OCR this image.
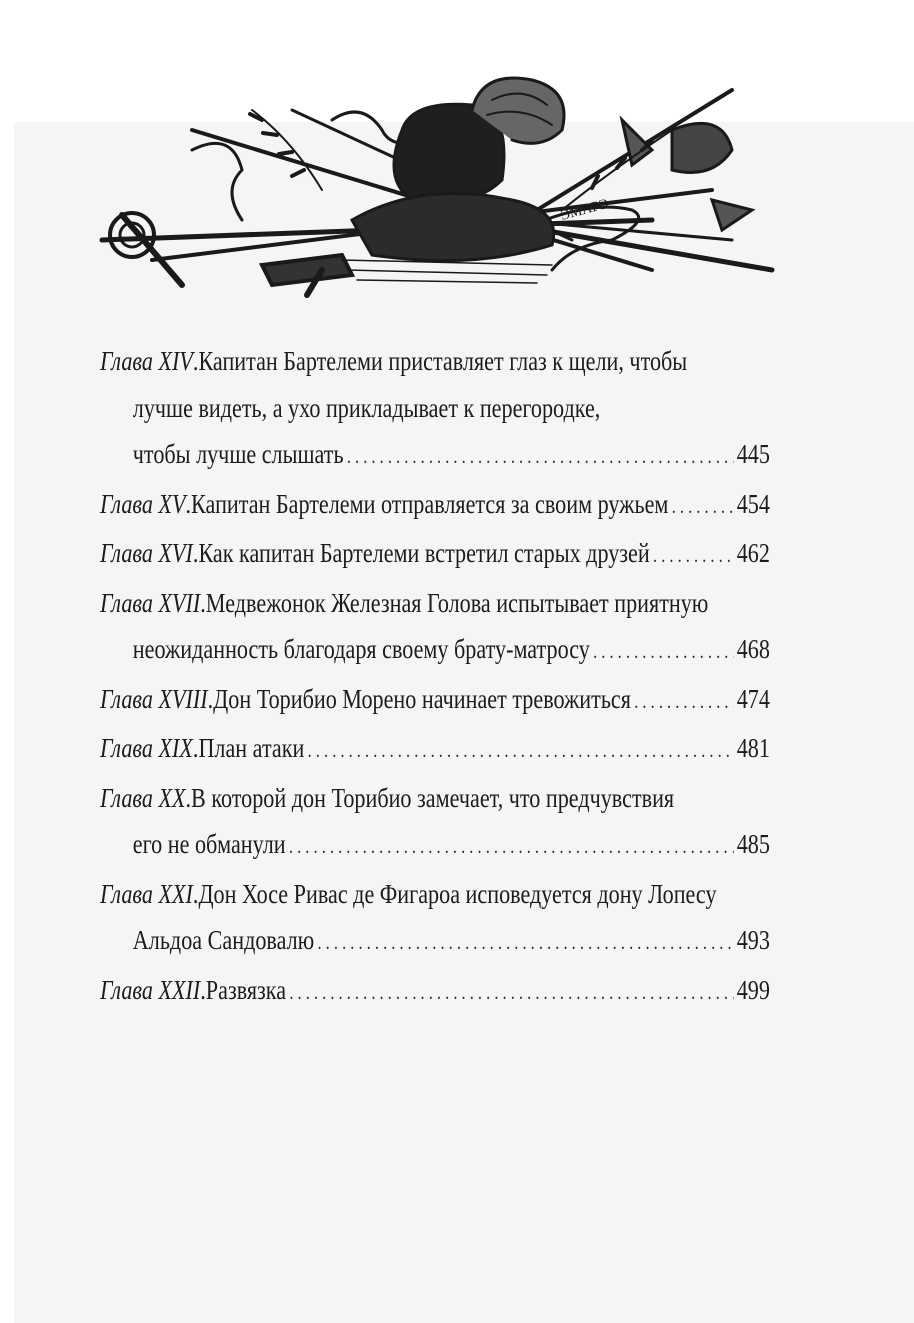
ЭМАРЭ
Глава XIV . Капитан Бартелеми приставляет глаз к щели, чтобы
лучше видеть, а ухо прикладывает к перегородке,
чтобы лучше слышать . . .	445
Глава XV . Капитан Бартелеми отправляется за своим ружьем . . .	454
Глава XVI . Как капитан Бартелеми встретил старых друзей . . .	462
Глава XVII . Медвежонок Железная Голова испытывает приятную
неожиданность благодаря своему брату-матросу . . .	468
Глава XVIII . Дон Торибио Морено начинает тревожиться . . .	474
Глава XIX . План атаки . . .	481
Глава XX . В которой дон Торибио замечает, что предчувствия
его не обманули . . .	485
Глава XXI . Дон Хосе Ривас де Фигароа исповедуется дону Лопесу
Альдоа Сандовалю . . .	493
Глава XXII . Развязка . . .	499
